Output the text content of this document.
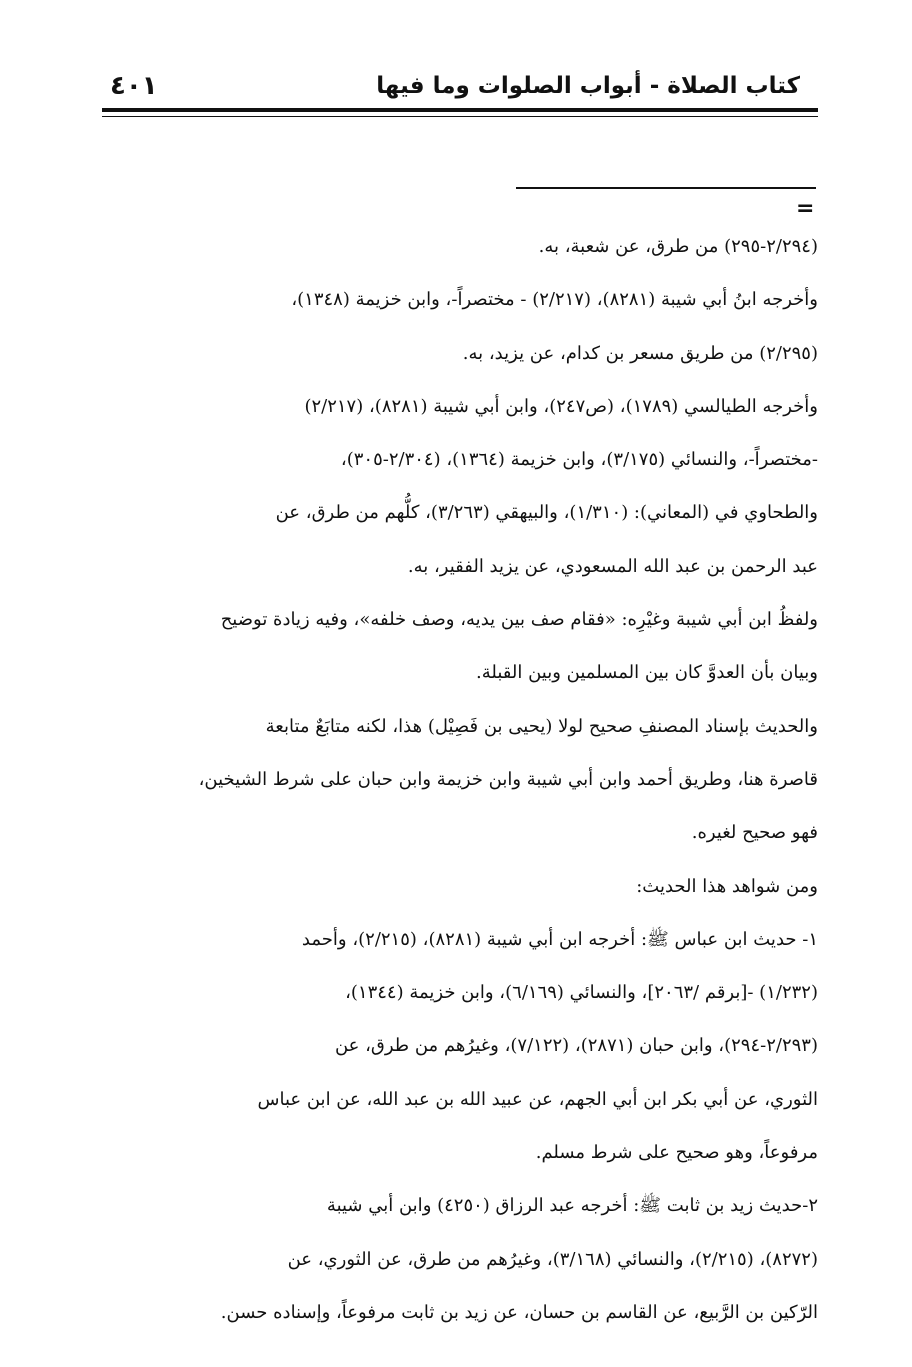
كتاب الصلاة - أبواب الصلوات وما فيها
٤٠١
=
(٢/٢٩٤-٢٩٥) من طرق، عن شعبة، به.
وأخرجه ابنُ أبي شيبة (٨٢٨١)، (٢/٢١٧) - مختصراً-، وابن خزيمة (١٣٤٨)،
(٢/٢٩٥) من طريق مسعر بن كدام، عن يزيد، به.
وأخرجه الطيالسي (١٧٨٩)، (ص٢٤٧)، وابن أبي شيبة (٨٢٨١)، (٢/٢١٧)
-مختصراً-، والنسائي (٣/١٧٥)، وابن خزيمة (١٣٦٤)، (٢/٣٠٤-٣٠٥)،
والطحاوي في (المعاني): (١/٣١٠)، والبيهقي (٣/٢٦٣)، كلُّهم من طرق، عن
عبد الرحمن بن عبد الله المسعودي، عن يزيد الفقير، به.
ولفظُ ابن أبي شيبة وغيْرِه: «فقام صف بين يديه، وصف خلفه»، وفيه زيادة توضيح
وبيان بأن العدوَّ كان بين المسلمين وبين القبلة.
والحديث بإسناد المصنفِ صحيح لولا (يحيى بن فَصِيْل) هذا، لكنه متابَعٌ متابعة
قاصرة هنا، وطريق أحمد وابن أبي شيبة وابن خزيمة وابن حبان على شرط الشيخين،
فهو صحيح لغيره.
ومن شواهد هذا الحديث:
١- حديث ابن عباس ﷺ: أخرجه ابن أبي شيبة (٨٢٨١)، (٢/٢١٥)، وأحمد
(١/٢٣٢) -[برقم /٢٠٦٣]، والنسائي (٦/١٦٩)، وابن خزيمة (١٣٤٤)،
(٢/٢٩٣-٢٩٤)، وابن حبان (٢٨٧١)، (٧/١٢٢)، وغيرُهم من طرق، عن
الثوري، عن أبي بكر ابن أبي الجهم، عن عبيد الله بن عبد الله، عن ابن عباس
مرفوعاً، وهو صحيح على شرط مسلم.
٢-حديث زيد بن ثابت ﷺ: أخرجه عبد الرزاق (٤٢٥٠) وابن أبي شيبة
(٨٢٧٢)، (٢/٢١٥)، والنسائي (٣/١٦٨)، وغيرُهم من طرق، عن الثوري، عن
الرّكين بن الرَّبيع، عن القاسم بن حسان، عن زيد بن ثابت مرفوعاً، وإسناده حسن.
